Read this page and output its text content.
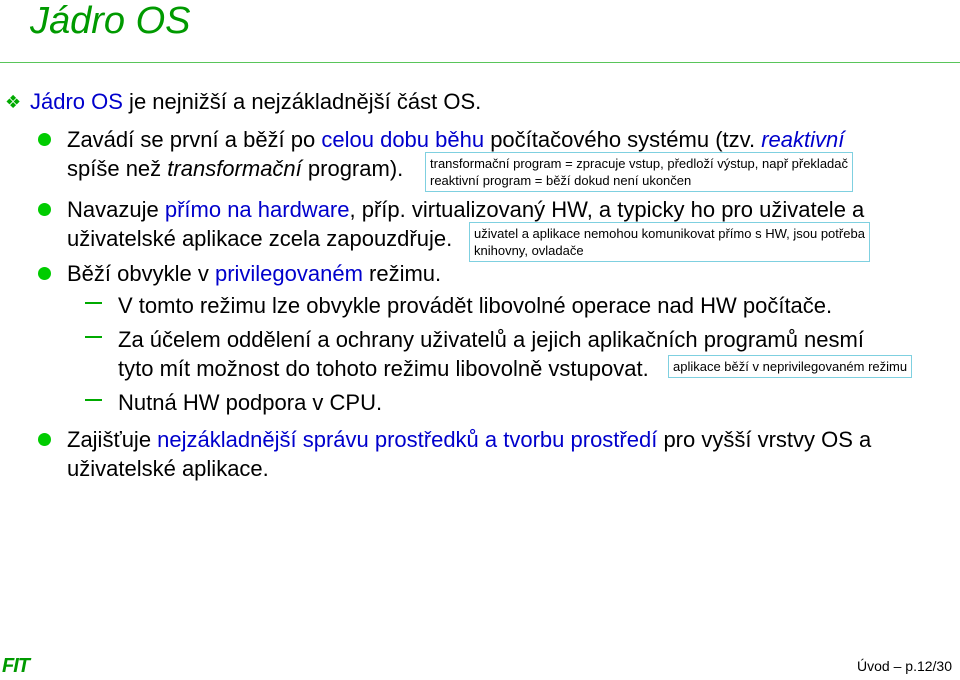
Jádro OS
❖ Jádro OS je nejnižší a nejzákladnější část OS.
Zavádí se první a běží po celou dobu běhu počítačového systému (tzv. reaktivní
spíše než transformační program). transformační program = zpracuje vstup, předloží výstup, např překladač
reaktivní program = běží dokud není ukončen
Navazuje přímo na hardware, příp. virtualizovaný HW, a typicky ho pro uživatele a
uživatelské aplikace zcela zapouzdřuje. uživatel a aplikace nemohou komunikovat přímo s HW, jsou potřeba
knihovny, ovladače
Běží obvykle v privilegovaném režimu.
V tomto režimu lze obvykle provádět libovolné operace nad HW počítače.
Za účelem oddělení a ochrany uživatelů a jejich aplikačních programů nesmí
tyto mít možnost do tohoto režimu libovolně vstupovat. aplikace běží v neprivilegovaném režimu
Nutná HW podpora v CPU.
Zajišťuje nejzákladnější správu prostředků a tvorbu prostředí pro vyšší vrstvy OS a
uživatelské aplikace.
FIT	Úvod – p.12/30
